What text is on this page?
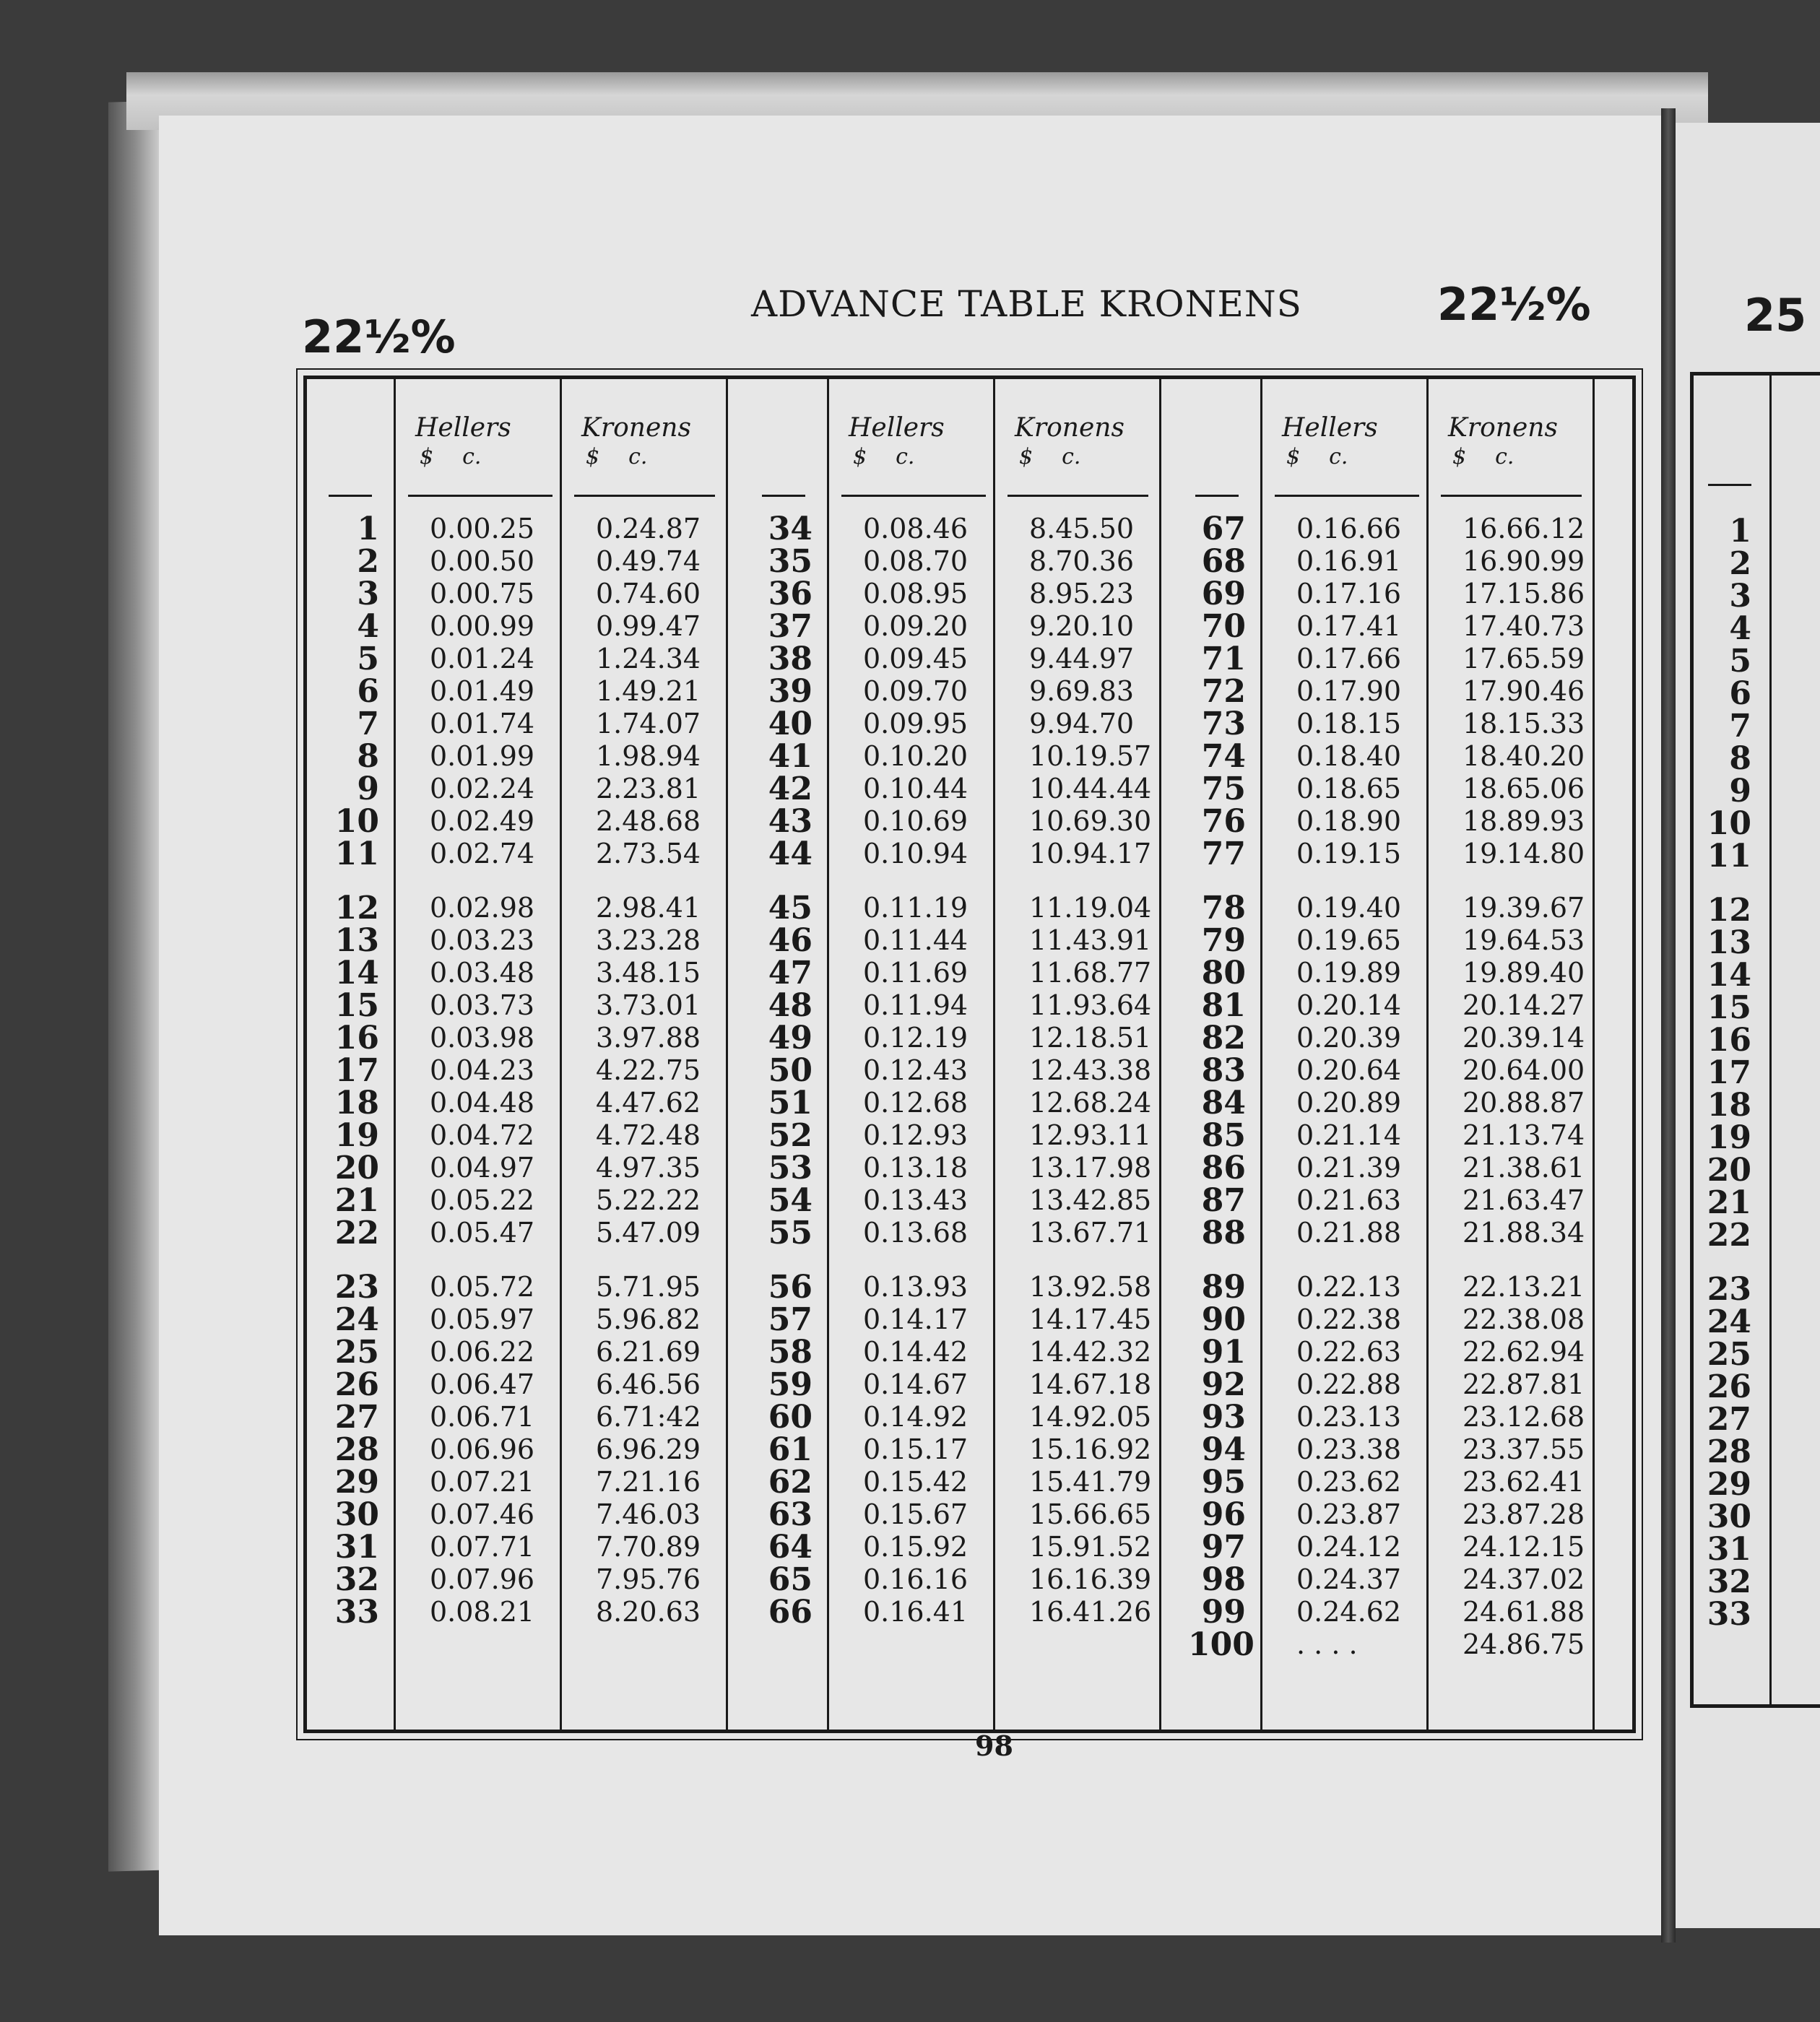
22½%
ADVANCE TABLE KRONENS	22½%	25
Hellers
$ c.
Kronens
$ c.
1 0.00.25 0.24.87
2 0.00.50 0.49.74
3 0.00.75 0.74.60
4 0.00.99 0.99.47
5 0.01.24 1.24.34
6 0.01.49 1.49.21
7 0.01.74 1.74.07
8 0.01.99 1.98.94
9 0.02.24 2.23.81
10 0.02.49 2.48.68
11 0.02.74 2.73.54
12 0.02.98 2.98.41
13 0.03.23 3.23.28
14 0.03.48 3.48.15
15 0.03.73 3.73.01
16 0.03.98 3.97.88
17 0.04.23 4.22.75
18 0.04.48 4.47.62
19 0.04.72 4.72.48
20 0.04.97 4.97.35
21 0.05.22 5.22.22
22 0.05.47 5.47.09
23 0.05.72 5.71.95
24 0.05.97 5.96.82
25 0.06.22 6.21.69
26 0.06.47 6.46.56
27 0.06.71 6.71:42
28 0.06.96 6.96.29
29 0.07.21 7.21.16
30 0.07.46 7.46.03
31 0.07.71 7.70.89
32 0.07.96 7.95.76
33 0.08.21 8.20.63
Hellers
$ c.
Kronens
$ c.
34 0.08.46 8.45.50
35 0.08.70 8.70.36
36 0.08.95 8.95.23
37 0.09.20 9.20.10
38 0.09.45 9.44.97
39 0.09.70 9.69.83
40 0.09.95 9.94.70
41 0.10.20 10.19.57
42 0.10.44 10.44.44
43 0.10.69 10.69.30
44 0.10.94 10.94.17
45 0.11.19 11.19.04
46 0.11.44 11.43.91
47 0.11.69 11.68.77
48 0.11.94 11.93.64
49 0.12.19 12.18.51
50 0.12.43 12.43.38
51 0.12.68 12.68.24
52 0.12.93 12.93.11
53 0.13.18 13.17.98
54 0.13.43 13.42.85
55 0.13.68 13.67.71
56 0.13.93 13.92.58
57 0.14.17 14.17.45
58 0.14.42 14.42.32
59 0.14.67 14.67.18
60 0.14.92 14.92.05
61 0.15.17 15.16.92
62 0.15.42 15.41.79
63 0.15.67 15.66.65
64 0.15.92 15.91.52
65 0.16.16 16.16.39
66 0.16.41 16.41.26
Hellers
$ c.
Kronens
$ c.
67 0.16.66 16.66.12
68 0.16.91 16.90.99
69 0.17.16 17.15.86
70 0.17.41 17.40.73
71 0.17.66 17.65.59
72 0.17.90 17.90.46
73 0.18.15 18.15.33
74 0.18.40 18.40.20
75 0.18.65 18.65.06
76 0.18.90 18.89.93
77 0.19.15 19.14.80
78 0.19.40 19.39.67
79 0.19.65 19.64.53
80 0.19.89 19.89.40
81 0.20.14 20.14.27
82 0.20.39 20.39.14
83 0.20.64 20.64.00
84 0.20.89 20.88.87
85 0.21.14 21.13.74
86 0.21.39 21.38.61
87 0.21.63 21.63.47
88 0.21.88 21.88.34
89 0.22.13 22.13.21
90 0.22.38 22.38.08
91 0.22.63 22.62.94
92 0.22.88 22.87.81
93 0.23.13 23.12.68
94 0.23.38 23.37.55
95 0.23.62 23.62.41
96 0.23.87 23.87.28
97 0.24.12 24.12.15
98 0.24.37 24.37.02
99 0.24.62 24.61.88
100 . . . .	24.86.75
1
2
3
4
5
6
7
8
9
10
11
12
13
14
15
16
17
18
19
20
21
22
23
24
25
26
27
28
29
30
31
32
33
98
